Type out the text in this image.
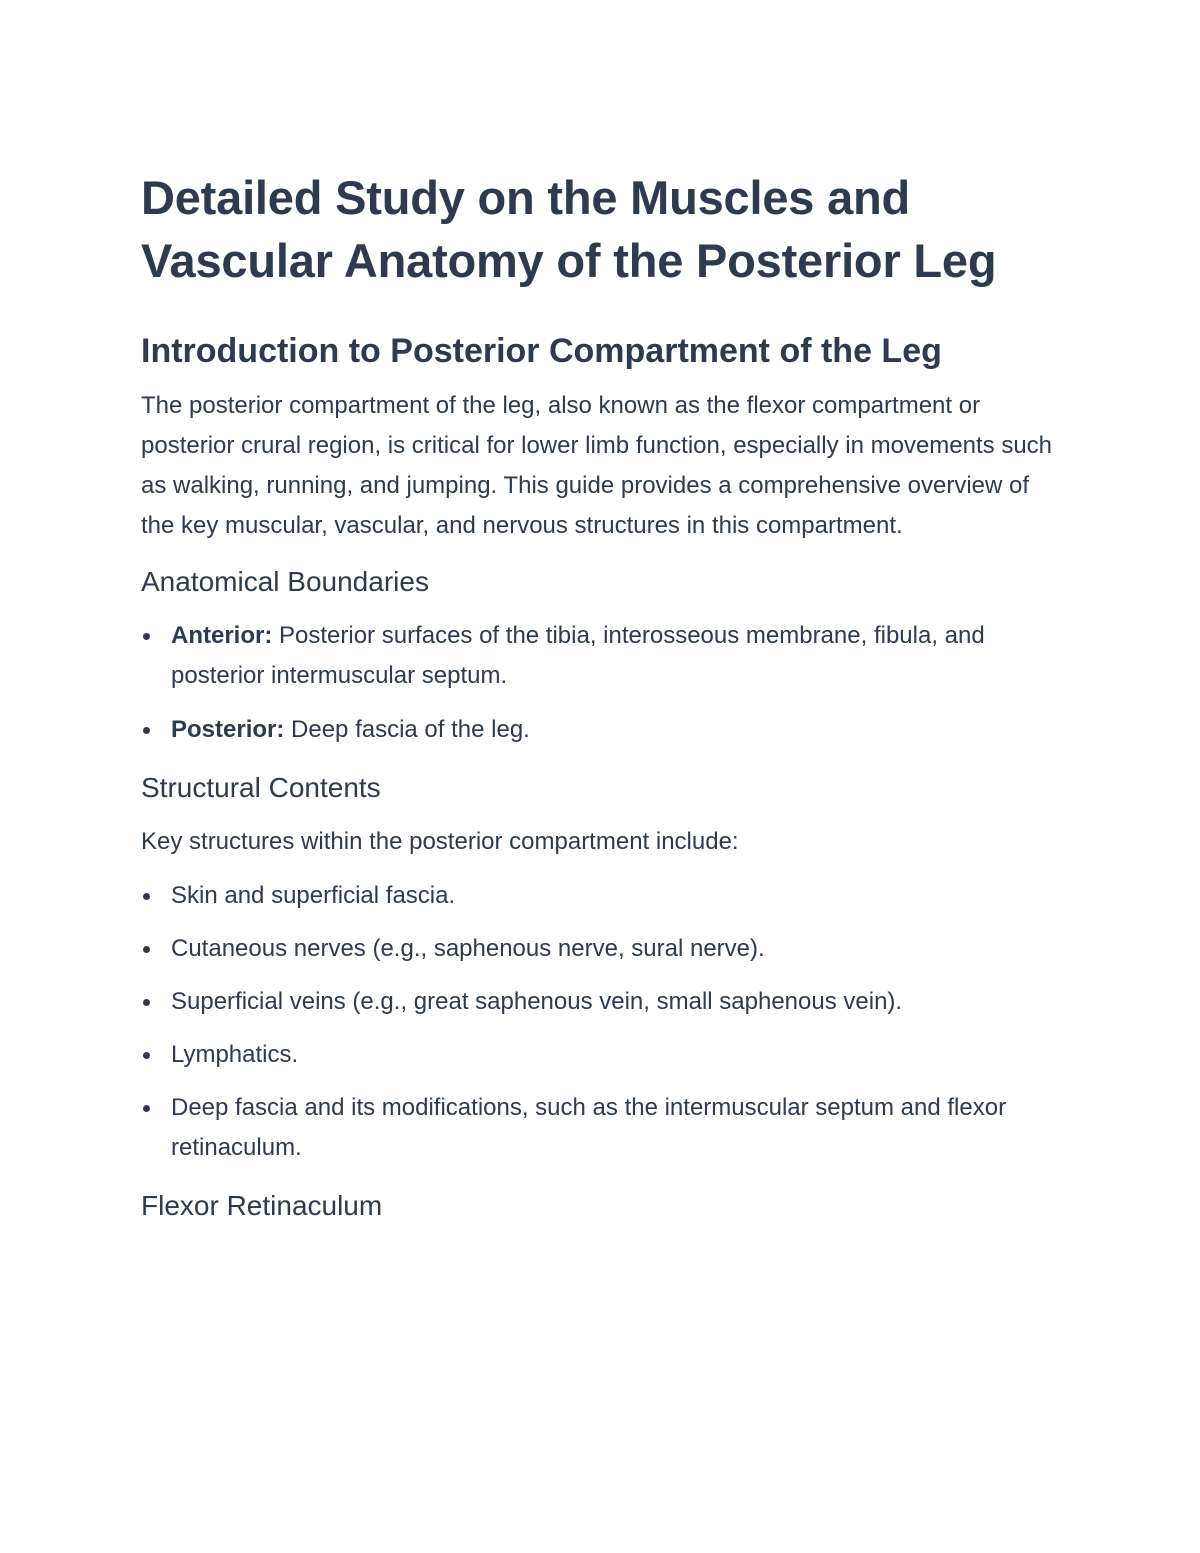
Detailed Study on the Muscles and Vascular Anatomy of the Posterior Leg
Introduction to Posterior Compartment of the Leg

The posterior compartment of the leg, also known as the flexor compartment or posterior crural region, is critical for lower limb function, especially in movements such as walking, running, and jumping. This guide provides a comprehensive overview of the key muscular, vascular, and nervous structures in this compartment.

Anatomical Boundaries
Anterior: Posterior surfaces of the tibia, interosseous membrane, fibula, and posterior intermuscular septum.
Posterior: Deep fascia of the leg.
Structural Contents

Key structures within the posterior compartment include:

Skin and superficial fascia.
Cutaneous nerves (e.g., saphenous nerve, sural nerve).
Superficial veins (e.g., great saphenous vein, small saphenous vein).
Lymphatics.
Deep fascia and its modifications, such as the intermuscular septum and flexor retinaculum.
Flexor Retinaculum
